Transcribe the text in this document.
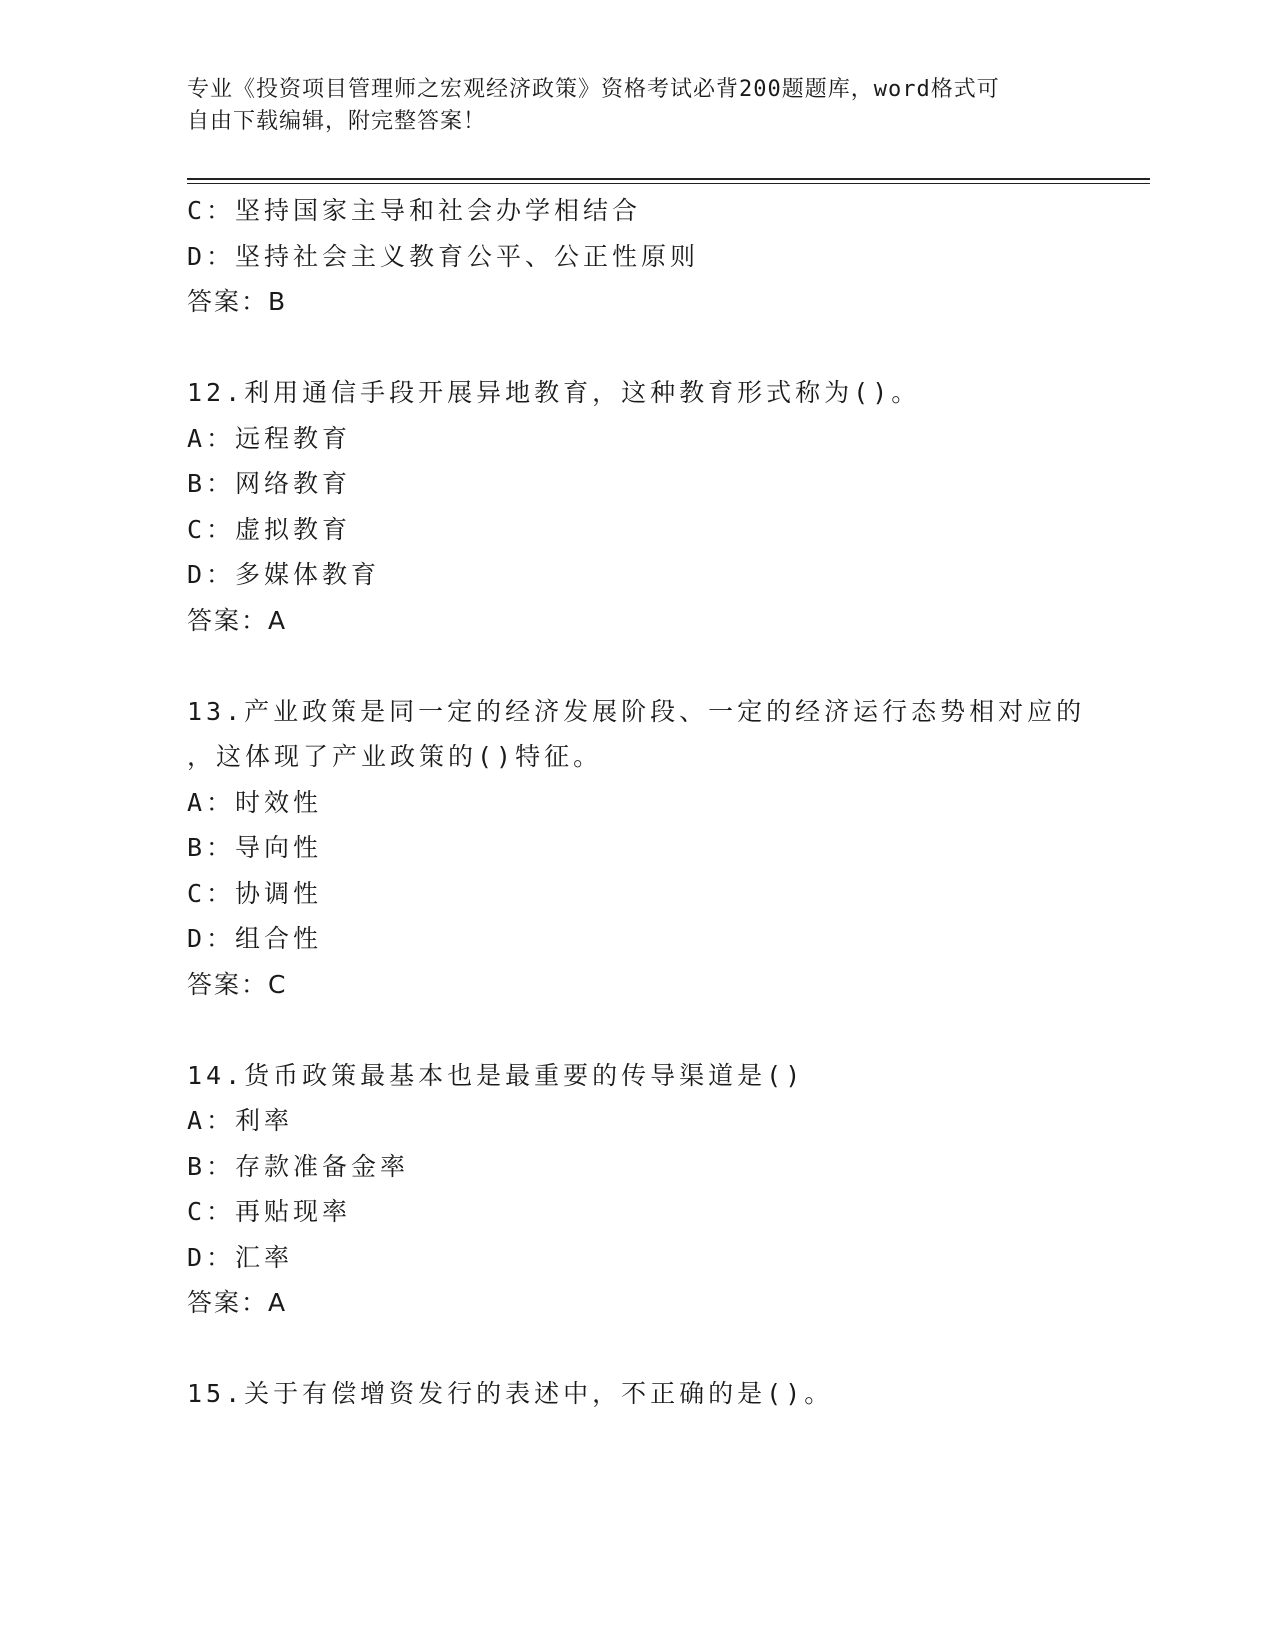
专业《投资项目管理师之宏观经济政策》资格考试必背200题题库，word格式可
自由下载编辑，附完整答案！
C：坚持国家主导和社会办学相结合
D：坚持社会主义教育公平、公正性原则
答案：B
12.利用通信手段开展异地教育，这种教育形式称为()。
A：远程教育
B：网络教育
C：虚拟教育
D：多媒体教育
答案：A
13.产业政策是同一定的经济发展阶段、一定的经济运行态势相对应的
，这体现了产业政策的()特征。
A：时效性
B：导向性
C：协调性
D：组合性
答案：C
14.货币政策最基本也是最重要的传导渠道是()
A：利率
B：存款准备金率
C：再贴现率
D：汇率
答案：A
15.关于有偿增资发行的表述中，不正确的是()。
